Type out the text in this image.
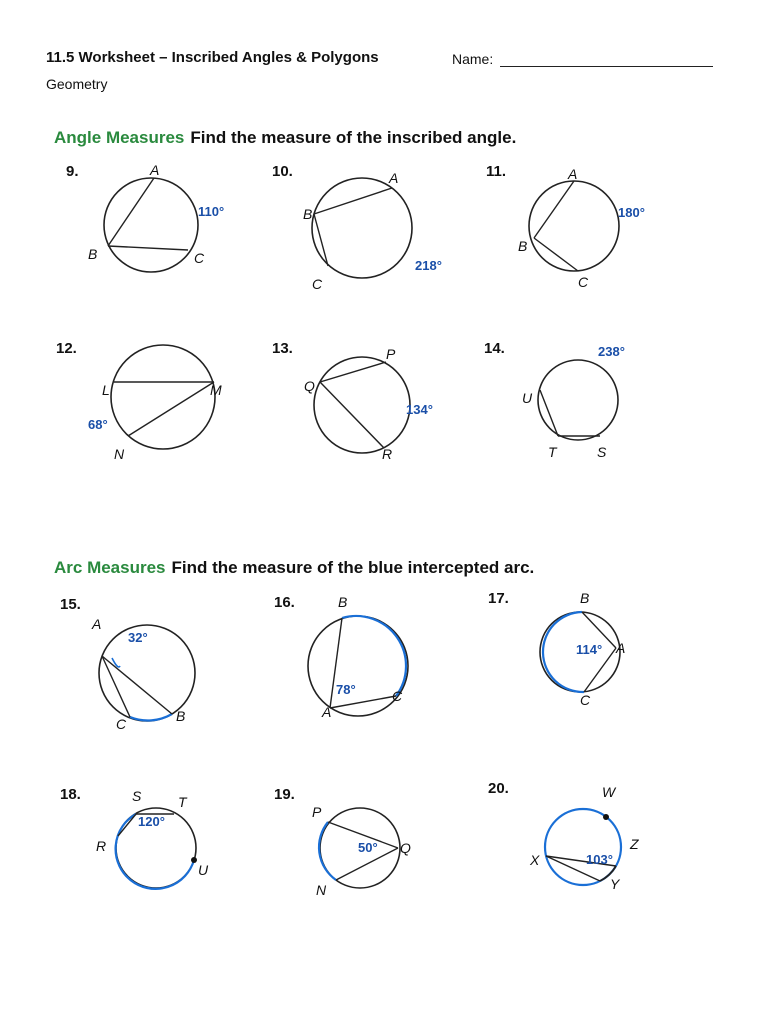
11.5 Worksheet – Inscribed Angles & Polygons	Name:
Geometry
Angle Measures Find the measure of the inscribed angle.
9.	A
B	C
110°
10.	A
B
C
218°
11.	A
B
C
180°
12.
L	M
N
68°
13.	P
Q
R
134°
14.	238°
U
T	S
Arc Measures Find the measure of the blue intercepted arc.
15.
A
C	B
32°
16.	B
A
C
78°
17.	B
A
C
114°
18.	S	T
R
U
120°
19.
P
Q
N
50°
20.	W
Z
X
Y
103°
